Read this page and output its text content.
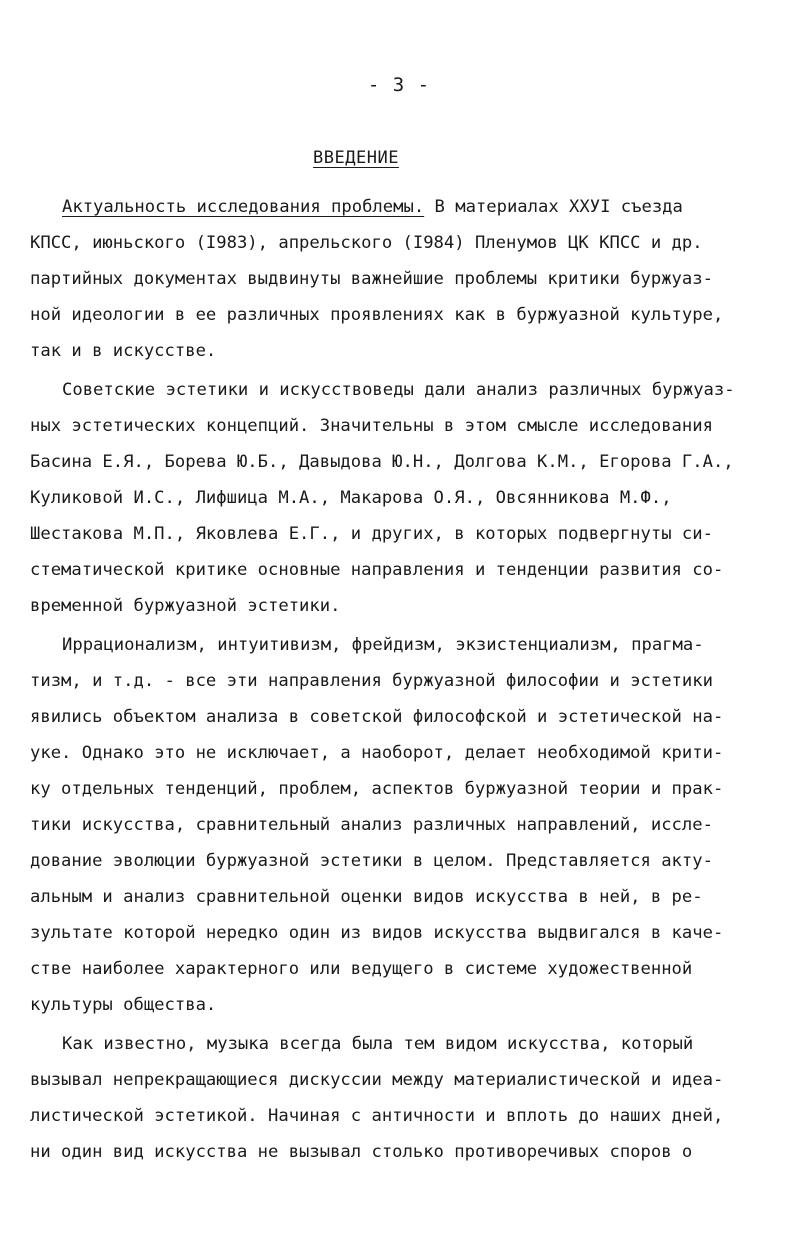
- 3 -
ВВЕДЕНИЕ
Актуальность исследования проблемы. В материалах ХХУI съезда
КПСС, июньского (I983), апрельского (I984) Пленумов ЦК КПСС и др.
партийных документах выдвинуты важнейшие проблемы критики буржуаз-
ной идеологии в ее различных проявлениях как в буржуазной культуре,
так и в искусстве.
Советские эстетики и искусствоведы дали анализ различных буржуаз-
ных эстетических концепций. Значительны в этом смысле исследования
Басина Е.Я., Борева Ю.Б., Давыдова Ю.Н., Долгова К.М., Егорова Г.А.,
Куликовой И.С., Лифшица М.А., Макарова О.Я., Овсянникова М.Ф.,
Шестакова М.П., Яковлева Е.Г., и других, в которых подвергнуты си-
стематической критике основные направления и тенденции развития со-
временной буржуазной эстетики.
Иррационализм, интуитивизм, фрейдизм, экзистенциализм, прагма-
тизм, и т.д. - все эти направления буржуазной философии и эстетики
явились объектом анализа в советской философской и эстетической на-
уке. Однако это не исключает, а наоборот, делает необходимой крити-
ку отдельных тенденций, проблем, аспектов буржуазной теории и прак-
тики искусства, сравнительный анализ различных направлений, иссле-
дование эволюции буржуазной эстетики в целом. Представляется акту-
альным и анализ сравнительной оценки видов искусства в ней, в ре-
зультате которой нередко один из видов искусства выдвигался в каче-
стве наиболее характерного или ведущего в системе художественной
культуры общества.
Как известно, музыка всегда была тем видом искусства, который
вызывал непрекращающиеся дискуссии между материалистической и идеа-
листической эстетикой. Начиная с античности и вплоть до наших дней,
ни один вид искусства не вызывал столько противоречивых споров о
